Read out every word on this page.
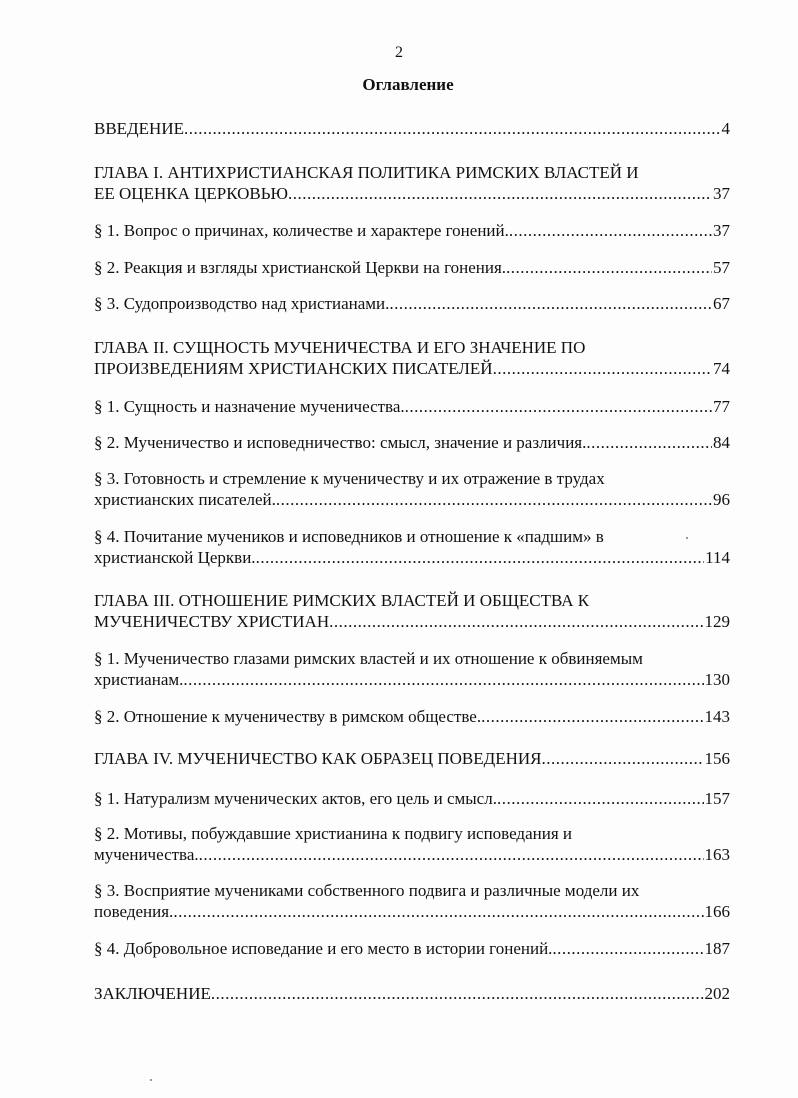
2
Оглавление
ВВЕДЕНИЕ .....	4
ГЛАВА I. АНТИХРИСТИАНСКАЯ ПОЛИТИКА РИМСКИХ ВЛАСТЕЙ И
ЕЕ ОЦЕНКА ЦЕРКОВЬЮ .....	37
§ 1. Вопрос о причинах, количестве и характере гонений. .....	37
§ 2. Реакция и взгляды христианской Церкви на гонения. .....	57
§ 3. Судопроизводство над христианами. .....	67
ГЛАВА II. СУЩНОСТЬ МУЧЕНИЧЕСТВА И ЕГО ЗНАЧЕНИЕ ПО
ПРОИЗВЕДЕНИЯМ ХРИСТИАНСКИХ ПИСАТЕЛЕЙ .....	74
§ 1. Сущность и назначение мученичества. .....	77
§ 2. Мученичество и исповедничество: смысл, значение и различия. .....	84
§ 3. Готовность и стремление к мученичеству и их отражение в трудах
христианских писателей. .....	96
§ 4. Почитание мучеников и исповедников и отношение к «падшим» в
христианской Церкви. .....	114
ГЛАВА III. ОТНОШЕНИЕ РИМСКИХ ВЛАСТЕЙ И ОБЩЕСТВА К
МУЧЕНИЧЕСТВУ ХРИСТИАН .....	129
§ 1. Мученичество глазами римских властей и их отношение к обвиняемым
христианам. .....	130
§ 2. Отношение к мученичеству в римском обществе. .....	143
ГЛАВА IV. МУЧЕНИЧЕСТВО КАК ОБРАЗЕЦ ПОВЕДЕНИЯ .....	156
§ 1. Натурализм мученических актов, его цель и смысл. .....	157
§ 2. Мотивы, побуждавшие христианина к подвигу исповедания и
мученичества. .....	163
§ 3. Восприятие мучениками собственного подвига и различные модели их
поведения. .....	166
§ 4. Добровольное исповедание и его место в истории гонений. .....	187
ЗАКЛЮЧЕНИЕ .....	202
